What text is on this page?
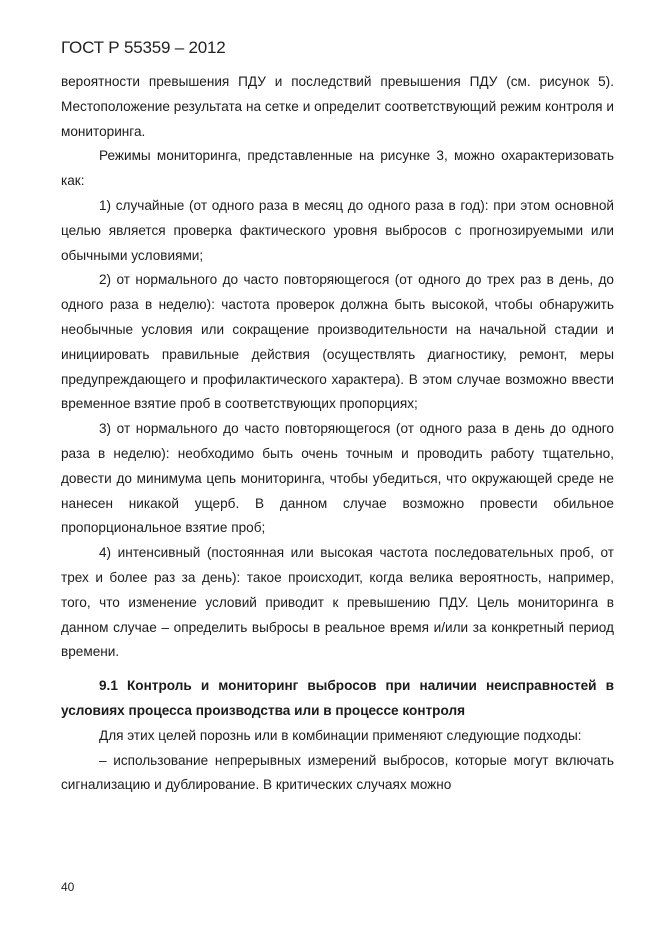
ГОСТ Р 55359 – 2012

вероятности превышения ПДУ и последствий превышения ПДУ (см. рисунок 5). Местоположение результата на сетке и определит соответствующий режим контроля и мониторинга.

Режимы мониторинга, представленные на рисунке 3, можно охарактеризовать как:

1) случайные (от одного раза в месяц до одного раза в год): при этом основной целью является проверка фактического уровня выбросов с прогнозируемыми или обычными условиями;

2) от нормального до часто повторяющегося (от одного до трех раз в день, до одного раза в неделю): частота проверок должна быть высокой, чтобы обнаружить необычные условия или сокращение производительности на начальной стадии и инициировать правильные действия (осуществлять диагностику, ремонт, меры предупреждающего и профилактического характера). В этом случае возможно ввести временное взятие проб в соответствующих пропорциях;

3) от нормального до часто повторяющегося (от одного раза в день до одного раза в неделю): необходимо быть очень точным и проводить работу тщательно, довести до минимума цепь мониторинга, чтобы убедиться, что окружающей среде не нанесен никакой ущерб. В данном случае возможно провести обильное пропорциональное взятие проб;

4) интенсивный (постоянная или высокая частота последовательных проб, от трех и более раз за день): такое происходит, когда велика вероятность, например, того, что изменение условий приводит к превышению ПДУ. Цель мониторинга в данном случае – определить выбросы в реальное время и/или за конкретный период времени.

9.1 Контроль и мониторинг выбросов при наличии неисправностей в условиях процесса производства или в процессе контроля

Для этих целей порознь или в комбинации применяют следующие подходы:

– использование непрерывных измерений выбросов, которые могут включать сигнализацию и дублирование. В критических случаях можно

40
